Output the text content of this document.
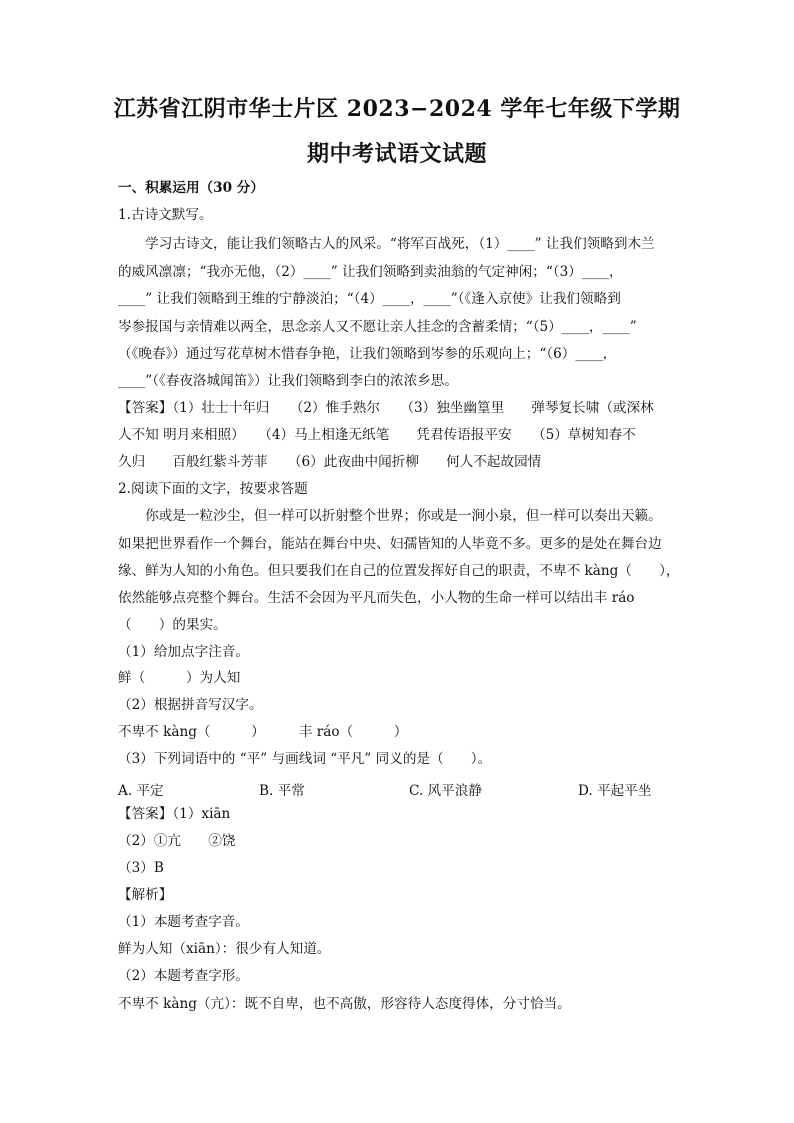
江苏省江阴市华士片区 2023−2024 学年七年级下学期
期中考试语文试题
一、积累运用（30 分）
1.古诗文默写。
　　学习古诗文，能让我们领略古人的风采。“将军百战死，（1）____” 让我们领略到木兰
的威风凛凛；“我亦无他，（2）____” 让我们领略到卖油翁的气定神闲；“（3）____，
____” 让我们领略到王维的宁静淡泊；“（4）____，____”（《逢入京使》让我们领略到
岑参报国与亲情难以两全，思念亲人又不愿让亲人挂念的含蓄柔情；“（5）____，____”
（《晚春》）通过写花草树木惜春争艳，让我们领略到岑参的乐观向上；“（6）____，
____”（《春夜洛城闻笛》）让我们领略到李白的浓浓乡思。
【答案】（1）壮士十年归　　（2）惟手熟尔　　（3）独坐幽篁里　　弹琴复长啸（或深林
人不知 明月来相照）　　（4）马上相逢无纸笔　　凭君传语报平安　　（5）草树知春不
久归　　百般红紫斗芳菲　　（6）此夜曲中闻折柳　　何人不起故园情
2.阅读下面的文字，按要求答题
　　你或是一粒沙尘，但一样可以折射整个世界；你或是一涧小泉，但一样可以奏出天籁。
如果把世界看作一个舞台，能站在舞台中央、妇孺皆知的人毕竟不多。更多的是处在舞台边
缘、鲜为人知的小角色。但只要我们在自己的位置发挥好自己的职责，不卑不 kàng（　　），
依然能够点亮整个舞台。生活不会因为平凡而失色，小人物的生命一样可以结出丰 ráo
（　　）的果实。
（1）给加点字注音。
鲜（　　　）为人知
（2）根据拼音写汉字。
不卑不 kàng（　　　）　　　丰 ráo（　　　）
（3）下列词语中的 “平” 与画线词 “平凡” 同义的是（　　）。
A. 平定	B. 平常	C. 风平浪静	D. 平起平坐
【答案】（1）xiān
（2）①亢　　②饶
（3）B
【解析】
（1）本题考查字音。
鲜为人知（xiān）：很少有人知道。
（2）本题考查字形。
不卑不 kàng（亢）：既不自卑，也不高傲，形容待人态度得体，分寸恰当。
